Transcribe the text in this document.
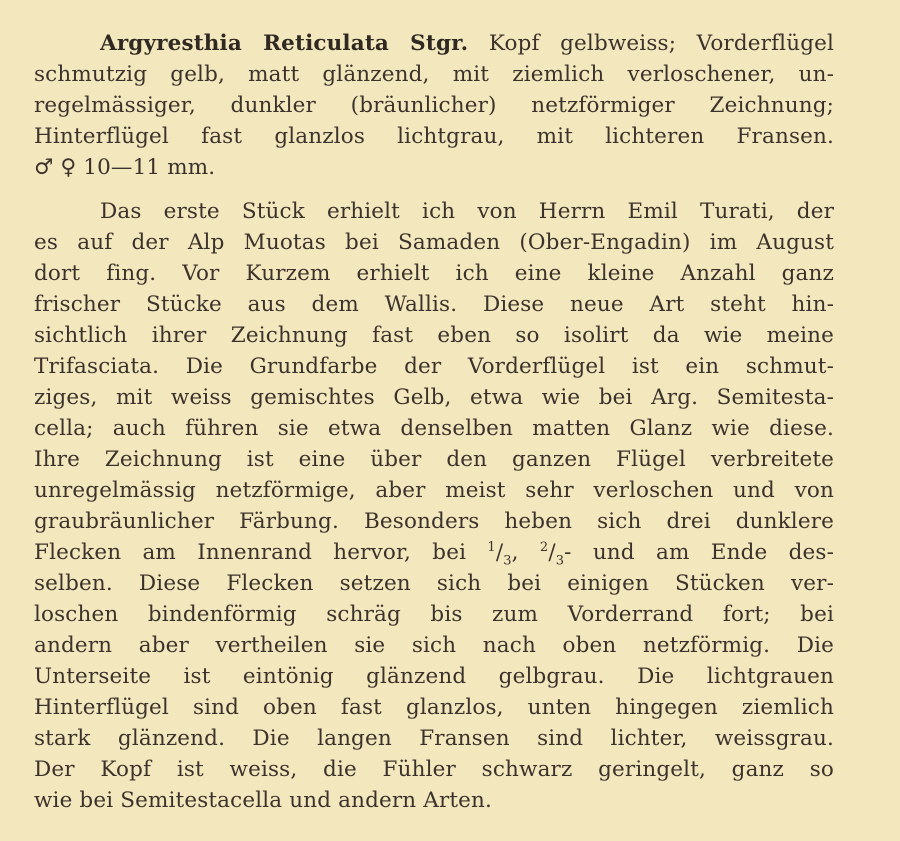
Argyresthia Reticulata Stgr. Kopf gelbweiss; Vorderflügel
schmutzig gelb, matt glänzend, mit ziemlich verloschener, un-
regelmässiger, dunkler (bräunlicher) netzförmiger Zeichnung;
Hinterflügel fast glanzlos lichtgrau, mit lichteren Fransen.
♂ ♀ 10—11 mm.
Das erste Stück erhielt ich von Herrn Emil Turati, der
es auf der Alp Muotas bei Samaden (Ober-Engadin) im August
dort fing. Vor Kurzem erhielt ich eine kleine Anzahl ganz
frischer Stücke aus dem Wallis. Diese neue Art steht hin-
sichtlich ihrer Zeichnung fast eben so isolirt da wie meine
Trifasciata. Die Grundfarbe der Vorderflügel ist ein schmut-
ziges, mit weiss gemischtes Gelb, etwa wie bei Arg. Semitesta-
cella; auch führen sie etwa denselben matten Glanz wie diese.
Ihre Zeichnung ist eine über den ganzen Flügel verbreitete
unregelmässig netzförmige, aber meist sehr verloschen und von
graubräunlicher Färbung. Besonders heben sich drei dunklere
Flecken am Innenrand hervor, bei $^1/_3$, $^2/_3-$ und am Ende des-
selben. Diese Flecken setzen sich bei einigen Stücken ver-
loschen bindenförmig schräg bis zum Vorderrand fort; bei
andern aber vertheilen sie sich nach oben netzförmig. Die
Unterseite ist eintönig glänzend gelbgrau. Die lichtgrauen
Hinterflügel sind oben fast glanzlos, unten hingegen ziemlich
stark glänzend. Die langen Fransen sind lichter, weissgrau.
Der Kopf ist weiss, die Fühler schwarz geringelt, ganz so
wie bei Semitestacella und andern Arten.
